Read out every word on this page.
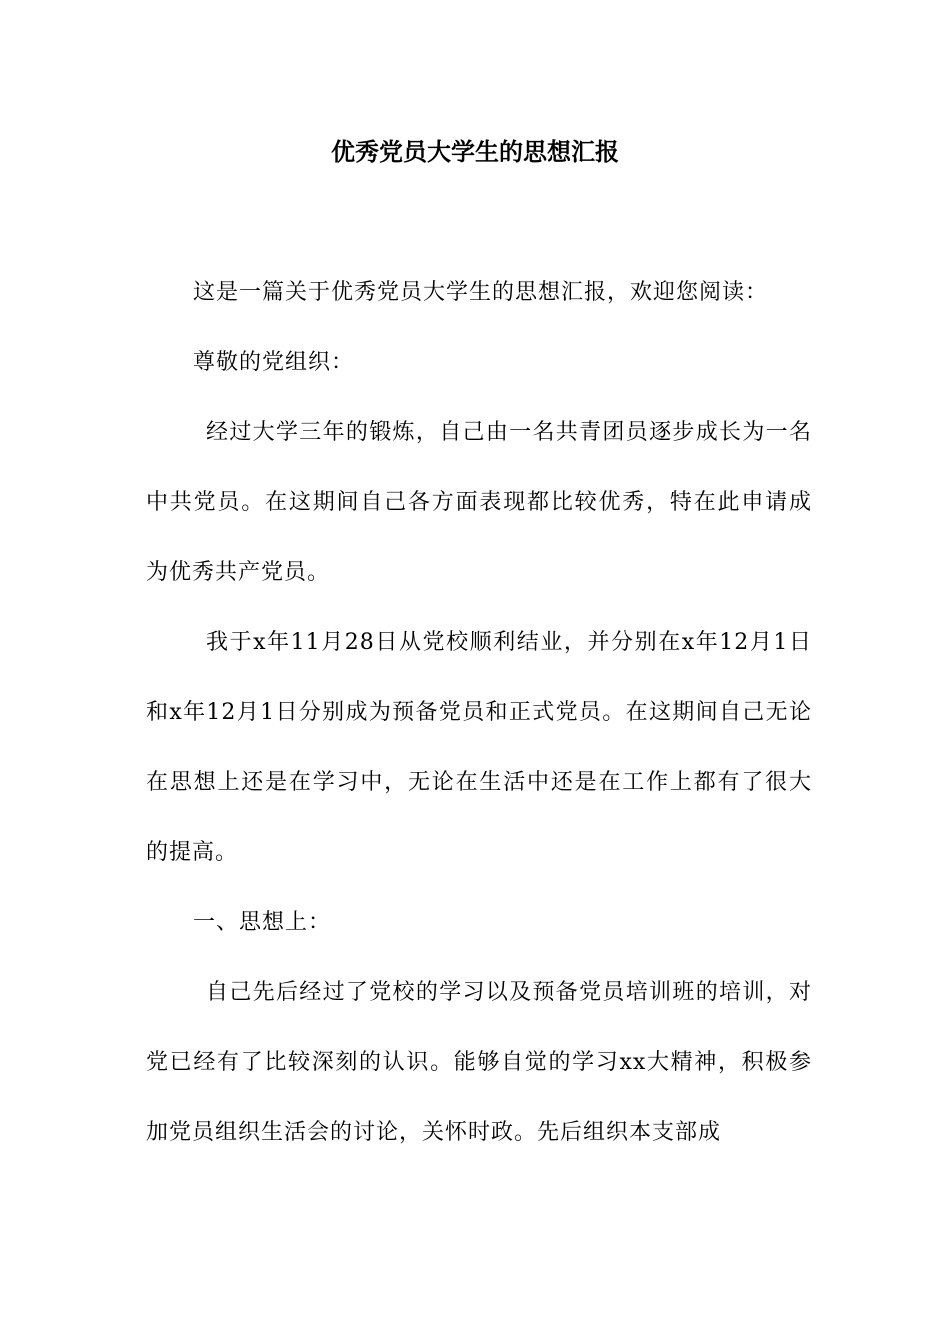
优秀党员大学生的思想汇报

这是一篇关于优秀党员大学生的思想汇报，欢迎您阅读：

尊敬的党组织：

经过大学三年的锻炼，自己由一名共青团员逐步成长为一名中共党员。在这期间自己各方面表现都比较优秀，特在此申请成为优秀共产党员。

我于x年11月28日从党校顺利结业，并分别在x年12月1日和x年12月1日分别成为预备党员和正式党员。在这期间自己无论在思想上还是在学习中，无论在生活中还是在工作上都有了很大的提高。

一、思想上：

自己先后经过了党校的学习以及预备党员培训班的培训，对党已经有了比较深刻的认识。能够自觉的学习xx大精神，积极参加党员组织生活会的讨论，关怀时政。先后组织本支部成
